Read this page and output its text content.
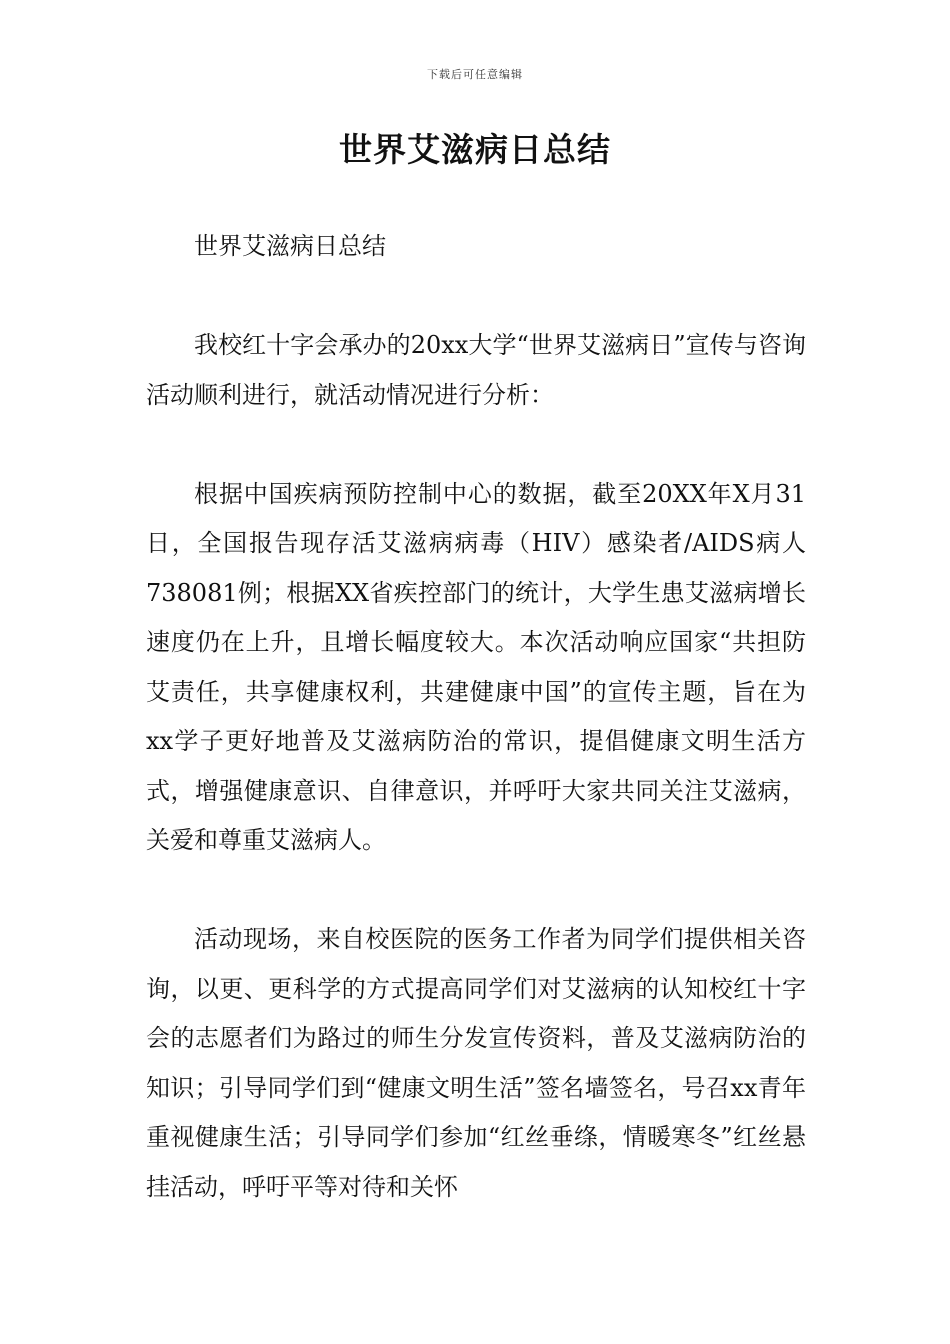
下载后可任意编辑
世界艾滋病日总结

世界艾滋病日总结

我校红十字会承办的20xx大学“世界艾滋病日”宣传与咨询活动顺利进行，就活动情况进行分析：

根据中国疾病预防控制中心的数据，截至20XX年X月31日，全国报告现存活艾滋病病毒（HIV）感染者/AIDS病人738081例；根据XX省疾控部门的统计，大学生患艾滋病增长速度仍在上升，且增长幅度较大。本次活动响应国家“共担防艾责任，共享健康权利，共建健康中国”的宣传主题，旨在为xx学子更好地普及艾滋病防治的常识，提倡健康文明生活方式，增强健康意识、自律意识，并呼吁大家共同关注艾滋病，关爱和尊重艾滋病人。

活动现场，来自校医院的医务工作者为同学们提供相关咨询，以更、更科学的方式提高同学们对艾滋病的认知校红十字会的志愿者们为路过的师生分发宣传资料，普及艾滋病防治的知识；引导同学们到“健康文明生活”签名墙签名，号召xx青年重视健康生活；引导同学们参加“红丝垂绦，情暖寒冬”红丝悬挂活动，呼吁平等对待和关怀
